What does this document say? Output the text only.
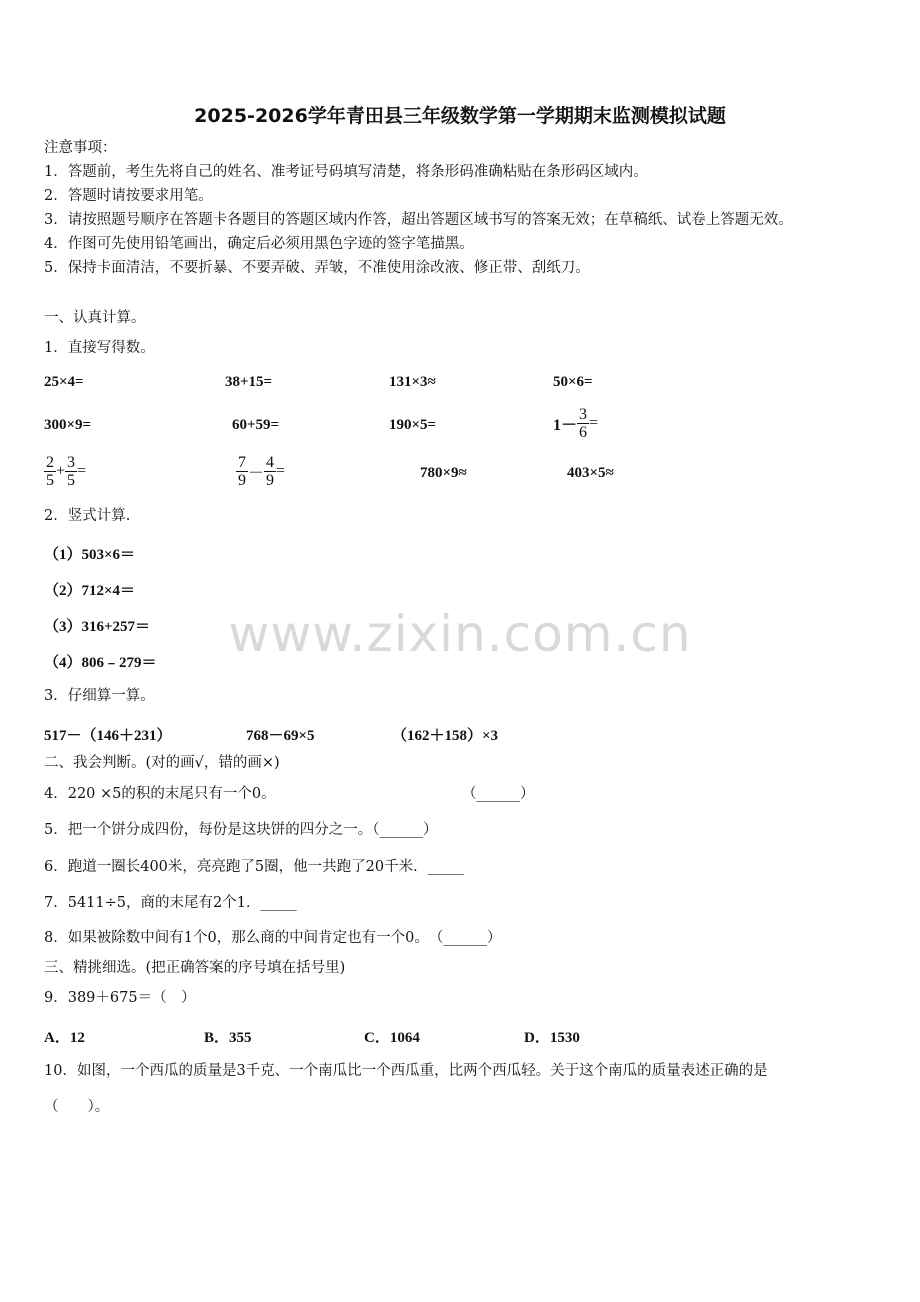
2025-2026学年青田县三年级数学第一学期期末监测模拟试题
注意事项：
1．答题前，考生先将自己的姓名、准考证号码填写清楚，将条形码准确粘贴在条形码区域内。
2．答题时请按要求用笔。
3．请按照题号顺序在答题卡各题目的答题区域内作答，超出答题区域书写的答案无效；在草稿纸、试卷上答题无效。
4．作图可先使用铅笔画出，确定后必须用黑色字迹的签字笔描黑。
5．保持卡面清洁，不要折暴、不要弄破、弄皱，不准使用涂改液、修正带、刮纸刀。
一、认真计算。
1．直接写得数。
25×4=	38+15=	131×3≈	50×6=
300×9=	60+59=	190×5=	$1- \frac{3}{6}$ =
$\frac{2}{5} + \frac{3}{5}$ =	$\frac{7}{9} - \frac{4}{9}$ =	780×9≈	403×5≈
2．竖式计算.
（1）503×6＝
（2）712×4＝
（3）316+257＝
（4）806﹣279＝
3．仔细算一算。
517－（146＋231）	768－69×5	（162＋158）×3
二、我会判断。(对的画√，错的画×)
4．220 ×5的积的末尾只有一个0。	（______）
5．把一个饼分成四份，每份是这块饼的四分之一。（______）
6．跑道一圈长400米，亮亮跑了5圈，他一共跑了20千米．_____
7．5411÷5，商的末尾有2个1．_____
8．如果被除数中间有1个0，那么商的中间肯定也有一个0。　（______）
三、精挑细选。(把正确答案的序号填在括号里)
9．389＋675＝（　）
A．12	B．355	C．1064	D．1530
10．如图，一个西瓜的质量是3千克、一个南瓜比一个西瓜重，比两个西瓜轻。关于这个南瓜的质量表述正确的是
（　　）。
www.zixin.com.cn
